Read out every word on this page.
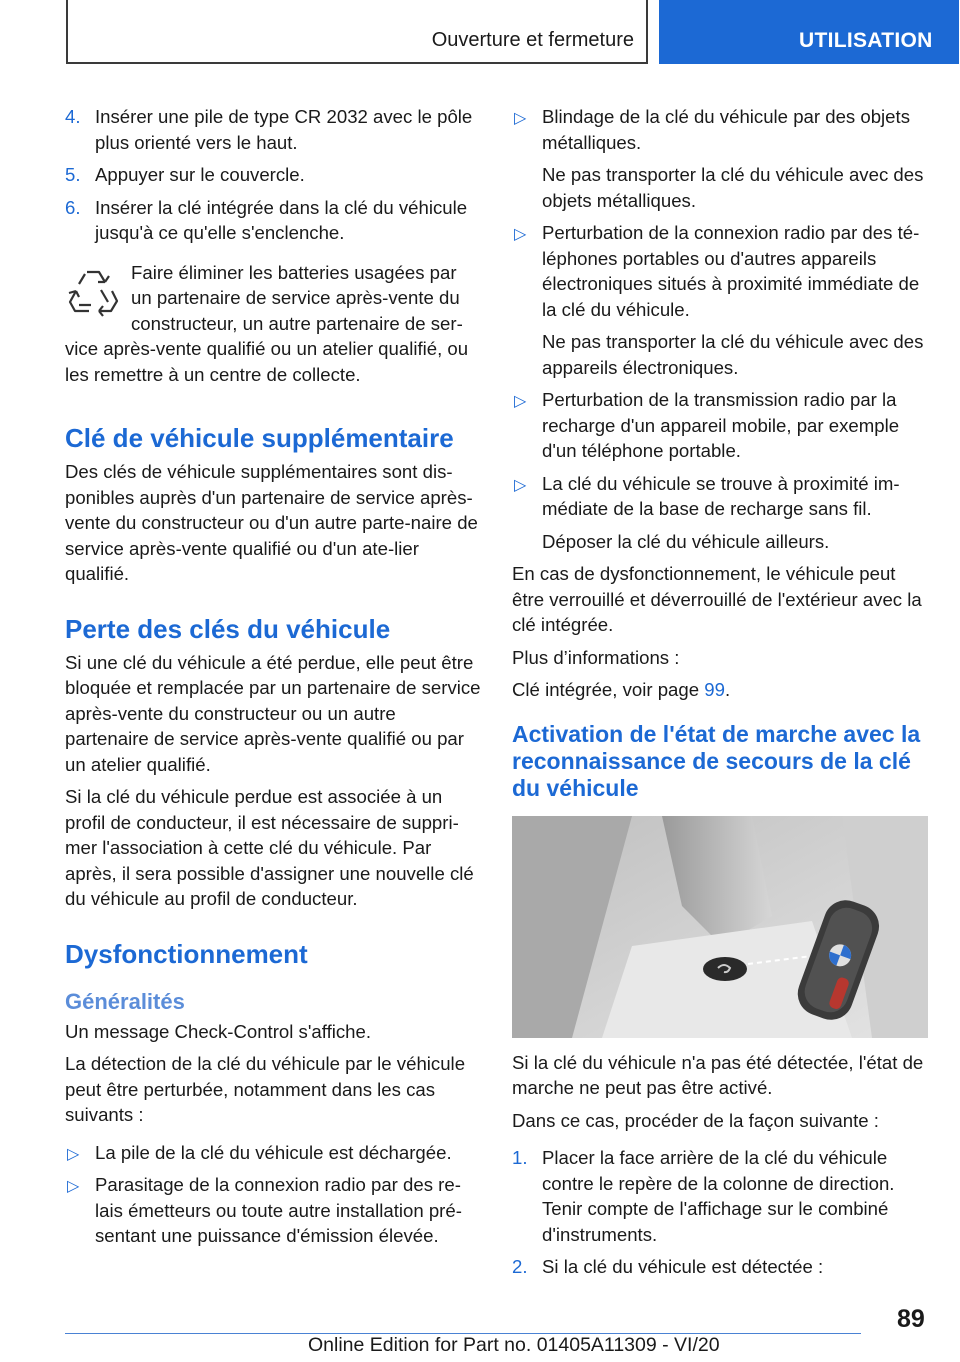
Ouverture et fermeture	UTILISATION
4. Insérer une pile de type CR 2032 avec le pôle plus orienté vers le haut.
5. Appuyer sur le couvercle.
6. Insérer la clé intégrée dans la clé du véhicule jusqu'à ce qu'elle s'enclenche.

Faire éliminer les batteries usagées par un partenaire de service après-vente du constructeur, un autre partenaire de ser-vice après-vente qualifié ou un atelier qualifié, ou les remettre à un centre de collecte.

Clé de véhicule supplémentaire

Des clés de véhicule supplémentaires sont dis-ponibles auprès d'un partenaire de service après-vente du constructeur ou d'un autre parte-naire de service après-vente qualifié ou d'un ate-lier qualifié.

Perte des clés du véhicule

Si une clé du véhicule a été perdue, elle peut être bloquée et remplacée par un partenaire de service après-vente du constructeur ou un autre partenaire de service après-vente qualifié ou par un atelier qualifié.

Si la clé du véhicule perdue est associée à un profil de conducteur, il est nécessaire de suppri-mer l'association à cette clé du véhicule. Par après, il sera possible d'assigner une nouvelle clé du véhicule au profil de conducteur.

Dysfonctionnement
Généralités

Un message Check-Control s'affiche.

La détection de la clé du véhicule par le véhicule peut être perturbée, notamment dans les cas suivants :

▷ La pile de la clé du véhicule est déchargée.
▷ Parasitage de la connexion radio par des re-lais émetteurs ou toute autre installation pré-sentant une puissance d'émission élevée.
▷ Blindage de la clé du véhicule par des objets métalliques.
Ne pas transporter la clé du véhicule avec des objets métalliques.
▷ Perturbation de la connexion radio par des té-léphones portables ou d'autres appareils électroniques situés à proximité immédiate de la clé du véhicule.
Ne pas transporter la clé du véhicule avec des appareils électroniques.
▷ Perturbation de la transmission radio par la recharge d'un appareil mobile, par exemple d'un téléphone portable.
▷ La clé du véhicule se trouve à proximité im-médiate de la base de recharge sans fil.
Déposer la clé du véhicule ailleurs.

En cas de dysfonctionnement, le véhicule peut être verrouillé et déverrouillé de l'extérieur avec la clé intégrée.

Plus d’informations :

Clé intégrée, voir page 99.

Activation de l'état de marche avec la reconnaissance de secours de la clé du véhicule

Si la clé du véhicule n'a pas été détectée, l'état de marche ne peut pas être activé.

Dans ce cas, procéder de la façon suivante :

1. Placer la face arrière de la clé du véhicule contre le repère de la colonne de direction. Tenir compte de l'affichage sur le combiné d'instruments.
2. Si la clé du véhicule est détectée :
89
Online Edition for Part no. 01405A11309 - VI/20
